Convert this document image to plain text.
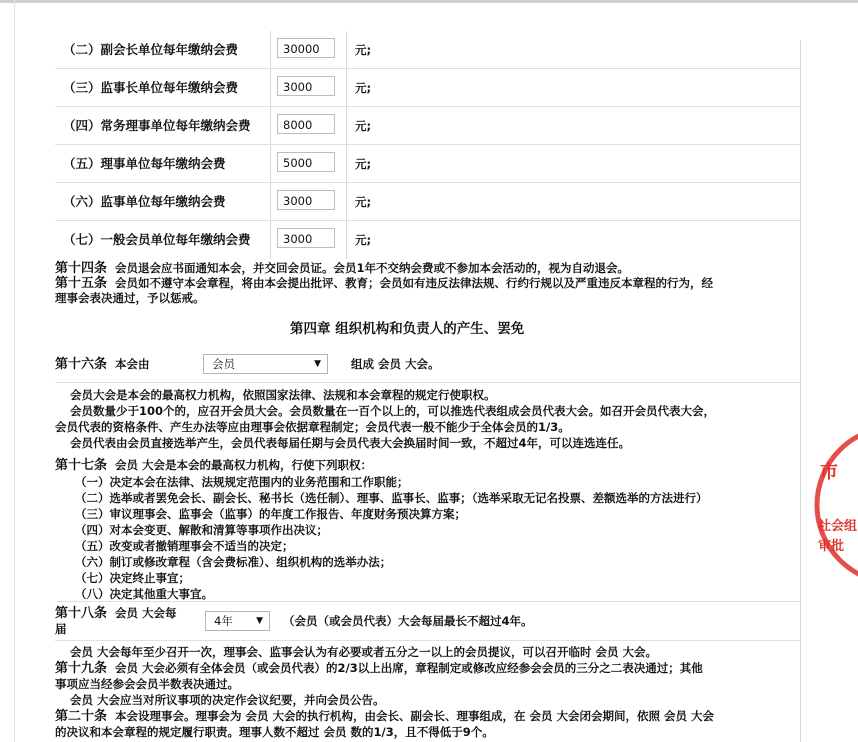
（二）副会长单位每年缴纳会费	30000	元;
（三）监事长单位每年缴纳会费	3000	元;
（四）常务理事单位每年缴纳会费	8000	元;
（五）理事单位每年缴纳会费	5000	元;
（六）监事单位每年缴纳会费	3000	元;
（七）一般会员单位每年缴纳会费	3000	元;
第十四条 会员退会应书面通知本会，并交回会员证。会员1年不交纳会费或不参加本会活动的，视为自动退会。
第十五条 会员如不遵守本会章程，将由本会提出批评、教育；会员如有违反法律法规、行约行规以及严重违反本章程的行为，经
理事会表决通过，予以惩戒。
第四章 组织机构和负责人的产生、罢免
第十六条 本会由	会员	▼	组成 会员 大会。
会员大会是本会的最高权力机构，依照国家法律、法规和本会章程的规定行使职权。
会员数量少于100个的，应召开会员大会。会员数量在一百个以上的，可以推选代表组成会员代表大会。如召开会员代表大会，
会员代表的资格条件、产生办法等应由理事会依据章程制定；会员代表一般不能少于全体会员的1/3。
会员代表由会员直接选举产生，会员代表每届任期与会员代表大会换届时间一致，不超过4年，可以连选连任。
第十七条 会员 大会是本会的最高权力机构，行使下列职权：
（一）决定本会在法律、法规规定范围内的业务范围和工作职能；
（二）选举或者罢免会长、副会长、秘书长（选任制）、理事、监事长、监事；（选举采取无记名投票、差额选举的方法进行）
（三）审议理事会、监事会（监事）的年度工作报告、年度财务预决算方案；
（四）对本会变更、解散和清算等事项作出决议；
（五）改变或者撤销理事会不适当的决定；
（六）制订或修改章程（含会费标准）、组织机构的选举办法；
（七）决定终止事宜；
（八）决定其他重大事宜。
第十八条 会员 大会每
届
4年	▼ （会员（或会员代表）大会每届最长不超过4年。
会员 大会每年至少召开一次，理事会、监事会认为有必要或者五分之一以上的会员提议，可以召开临时 会员 大会。
第十九条 会员 大会必须有全体会员（或会员代表）的2/3以上出席，章程制定或修改应经参会会员的三分之二表决通过；其他
事项应当经参会会员半数表决通过。
会员 大会应当对所议事项的决定作会议纪要，并向会员公告。
第二十条 本会设理事会。理事会为 会员 大会的执行机构，由会长、副会长、理事组成，在 会员 大会闭会期间，依照 会员 大会
的决议和本会章程的规定履行职责。理事人数不超过 会员 数的1/3，且不得低于9个。
市
社会组
审批
